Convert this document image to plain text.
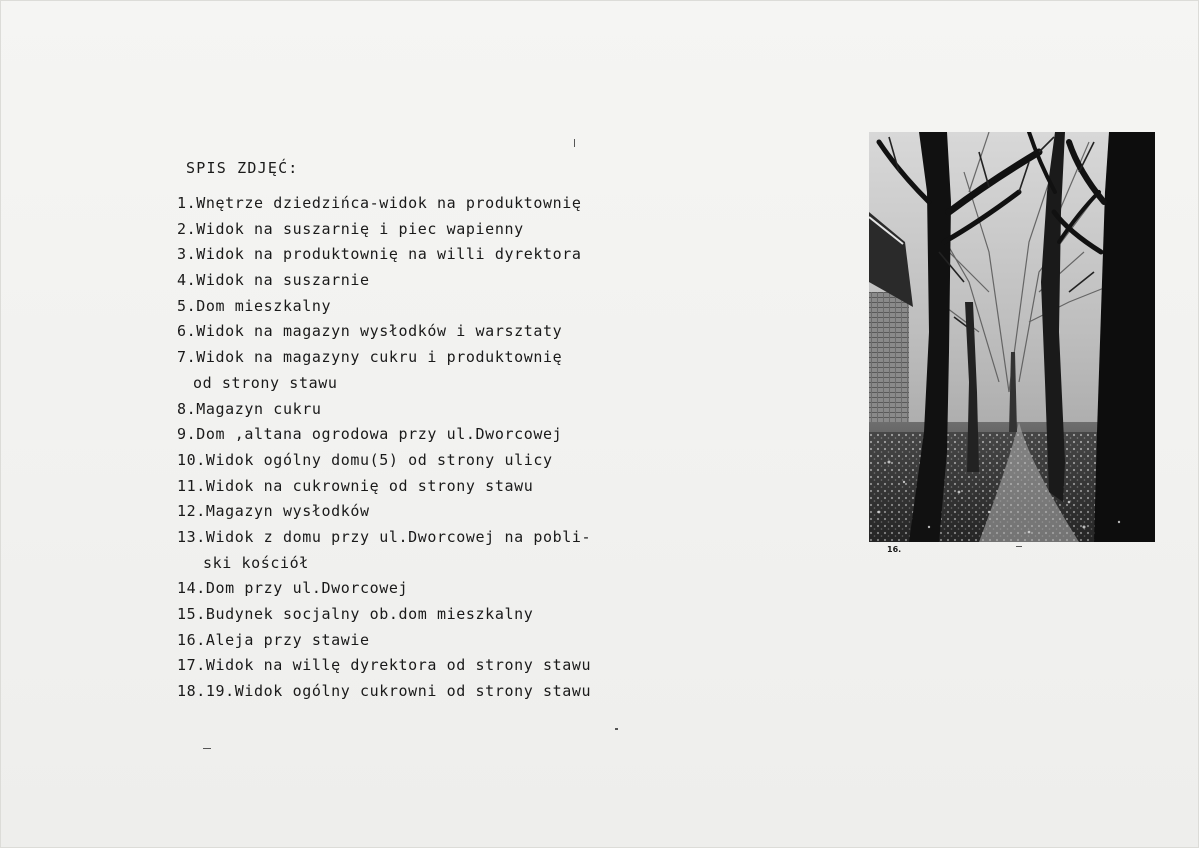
SPIS ZDJĘĆ:
1.Wnętrze dziedzińca-widok na produktownię
2.Widok na suszarnię i piec wapienny
3.Widok na produktownię na willi dyrektora
4.Widok na suszarnie
5.Dom mieszkalny
6.Widok na magazyn wysłodków i warsztaty
7.Widok na magazyny cukru i produktownię
od strony stawu
8.Magazyn cukru
9.Dom ,altana ogrodowa przy ul.Dworcowej
10.Widok ogólny domu(5) od strony ulicy
11.Widok na cukrownię od strony stawu
12.Magazyn wysłodków
13.Widok z domu przy ul.Dworcowej na pobli-
ski kościół
14.Dom przy ul.Dworcowej
15.Budynek socjalny ob.dom mieszkalny
16.Aleja przy stawie
17.Widok na willę dyrektora od strony stawu
18.19.Widok ogólny cukrowni od strony stawu
16.
